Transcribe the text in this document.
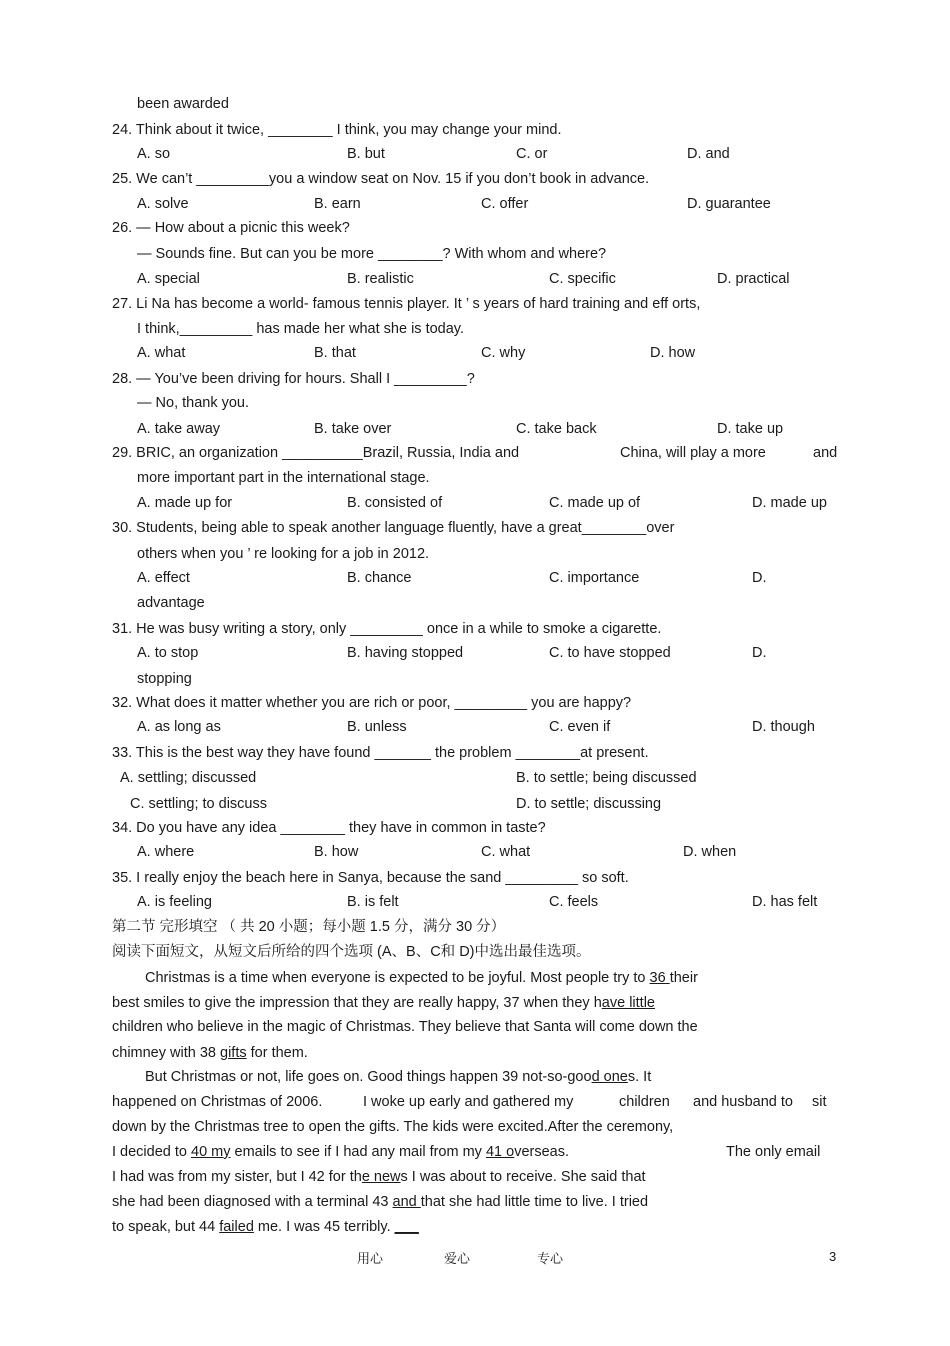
been awarded
24. Think about it twice, ________ I think, you may change your mind.
A. so	B. but	C. or	D. and
25. We can’t _________you a window seat on Nov. 15 if you don’t book in advance.
A. solve	B. earn	C. offer	D. guarantee
26. — How about a picnic this week?
— Sounds fine. But can you be more ________? With whom and where?
A. special	B. realistic	C. specific	D. practical
27. Li Na has become a world- famous tennis player. It ’ s years of hard training and eff orts,
I think,_________ has made her what she is today.
A. what	B. that	C. why	D. how
28. — You’ve been driving for hours. Shall I _________?
— No, thank you.
A. take away	B. take over	C. take back	D. take up
29. BRIC, an organization __________Brazil, Russia, India and	China, will play a more	and
more important part in the international stage.
A. made up for	B. consisted of	C. made up of	D. made up
30. Students, being able to speak another language fluently, have a great________over
others when you ’ re looking for a job in 2012.
A. effect	B. chance	C. importance	D.
advantage
31. He was busy writing a story, only _________ once in a while to smoke a cigarette.
A. to stop	B. having stopped	C. to have stopped	D.
stopping
32. What does it matter whether you are rich or poor, _________ you are happy?
A. as long as	B. unless	C. even if	D. though
33. This is the best way they have found _______ the problem ________at present.
A. settling; discussed	B. to settle; being discussed
C. settling; to discuss	D. to settle; discussing
34. Do you have any idea ________ they have in common in taste?
A. where	B. how	C. what	D. when
35. I really enjoy the beach here in Sanya, because the sand _________ so soft.
A. is feeling	B. is felt	C. feels	D. has felt
第二节 完形填空 （ 共 20 小题；每小题 1.5 分，满分 30 分）
阅读下面短文，从短文后所给的四个选项 (A、B、C和 D)中选出最佳选项。
Christmas is a time when everyone is expected to be joyful. Most people try to 36 their
best smiles to give the impression that they are really happy, 37 when they have little
children who believe in the magic of Christmas. They believe that Santa will come down the
chimney with 38 gifts for them.
But Christmas or not, life goes on. Good things happen 39 not-so-good ones. It
happened on Christmas of 2006.	I woke up early and gathered my	children and husband to sit
down by the Christmas tree to open the gifts. The kids were excited.After the ceremony,
I decided to 40 my emails to see if I had any mail from my 41 overseas.	The only email
I had was from my sister, but I 42 for the news I was about to receive. She said that
she had been diagnosed with a terminal 43 and that she had little time to live. I tried
to speak, but 44 failed me. I was 45 terribly. ___
用心	爱心	专心	3
